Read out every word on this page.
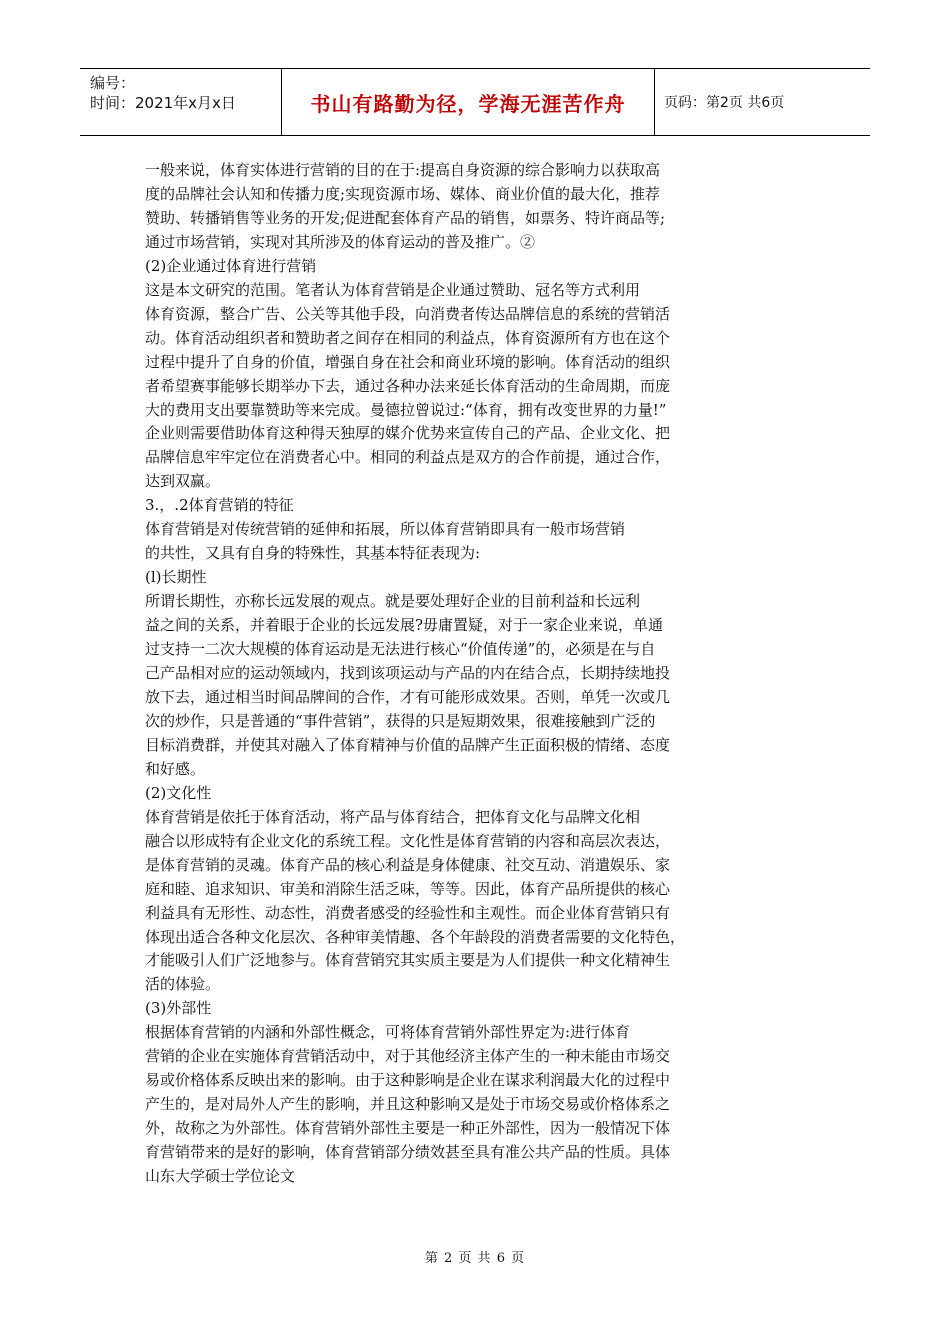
编号：
时间：2021年x月x日	书山有路勤为径，学海无涯苦作舟	页码：第2页 共6页

一般来说，体育实体进行营销的目的在于:提高自身资源的综合影响力以获取高

度的品牌社会认知和传播力度;实现资源市场、媒体、商业价值的最大化，推荐

赞助、转播销售等业务的开发;促进配套体育产品的销售，如票务、特许商品等;

通过市场营销，实现对其所涉及的体育运动的普及推广。②

(2)企业通过体育进行营销

这是本文研究的范围。笔者认为体育营销是企业通过赞助、冠名等方式利用

体育资源，整合广告、公关等其他手段，向消费者传达品牌信息的系统的营销活

动。体育活动组织者和赞助者之间存在相同的利益点，体育资源所有方也在这个

过程中提升了自身的价值，增强自身在社会和商业环境的影响。体育活动的组织

者希望赛事能够长期举办下去，通过各种办法来延长体育活动的生命周期，而庞

大的费用支出要靠赞助等来完成。曼德拉曾说过:“体育，拥有改变世界的力量!”

企业则需要借助体育这种得天独厚的媒介优势来宣传自己的产品、企业文化、把

品牌信息牢牢定位在消费者心中。相同的利益点是双方的合作前提，通过合作，

达到双赢。

3.，.2体育营销的特征

体育营销是对传统营销的延伸和拓展，所以体育营销即具有一般市场营销

的共性，又具有自身的特殊性，其基本特征表现为:

(l)长期性

所谓长期性，亦称长远发展的观点。就是要处理好企业的目前利益和长远利

益之间的关系，并着眼于企业的长远发展?毋庸置疑，对于一家企业来说，单通

过支持一二次大规模的体育运动是无法进行核心“价值传递”的，必须是在与自

己产品相对应的运动领域内，找到该项运动与产品的内在结合点，长期持续地投

放下去，通过相当时间品牌间的合作，才有可能形成效果。否则，单凭一次或几

次的炒作，只是普通的“事件营销”，获得的只是短期效果，很难接触到广泛的

目标消费群，并使其对融入了体育精神与价值的品牌产生正面积极的情绪、态度

和好感。

(2)文化性

体育营销是依托于体育活动，将产品与体育结合，把体育文化与品牌文化相

融合以形成特有企业文化的系统工程。文化性是体育营销的内容和高层次表达，

是体育营销的灵魂。体育产品的核心利益是身体健康、社交互动、消遣娱乐、家

庭和睦、追求知识、审美和消除生活乏味，等等。因此，体育产品所提供的核心

利益具有无形性、动态性，消费者感受的经验性和主观性。而企业体育营销只有

体现出适合各种文化层次、各种审美情趣、各个年龄段的消费者需要的文化特色，

才能吸引人们广泛地参与。体育营销究其实质主要是为人们提供一种文化精神生

活的体验。

(3)外部性

根据体育营销的内涵和外部性概念，可将体育营销外部性界定为:进行体育

营销的企业在实施体育营销活动中，对于其他经济主体产生的一种未能由市场交

易或价格体系反映出来的影响。由于这种影响是企业在谋求利润最大化的过程中

产生的，是对局外人产生的影响，并且这种影响又是处于市场交易或价格体系之

外，故称之为外部性。体育营销外部性主要是一种正外部性，因为一般情况下体

育营销带来的是好的影响，体育营销部分绩效甚至具有准公共产品的性质。具体

山东大学硕士学位论文

第 2 页 共 6 页
